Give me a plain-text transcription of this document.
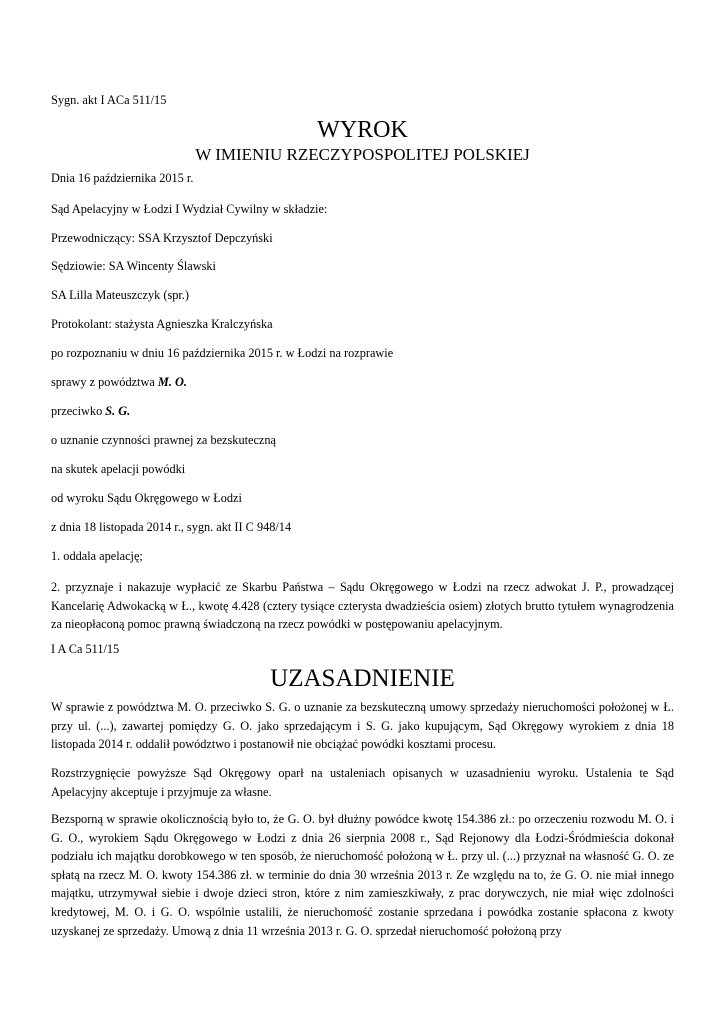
Sygn. akt I ACa 511/15
WYROK
W IMIENIU RZECZYPOSPOLITEJ POLSKIEJ
Dnia 16 października 2015 r.
Sąd Apelacyjny w Łodzi I Wydział Cywilny w składzie:
Przewodniczący: SSA Krzysztof Depczyński
Sędziowie: SA Wincenty Ślawski
SA Lilla Mateuszczyk (spr.)
Protokolant: stażysta Agnieszka Kralczyńska
po rozpoznaniu w dniu 16 października 2015 r. w Łodzi na rozprawie
sprawy z powództwa M. O.
przeciwko S. G.
o uznanie czynności prawnej za bezskuteczną
na skutek apelacji powódki
od wyroku Sądu Okręgowego w Łodzi
z dnia 18 listopada 2014 r., sygn. akt II C 948/14
1. oddala apelację;
2. przyznaje i nakazuje wypłacić ze Skarbu Państwa – Sądu Okręgowego w Łodzi na rzecz adwokat J. P., prowadzącej Kancelarię Adwokacką w Ł., kwotę 4.428 (cztery tysiące czterysta dwadzieścia osiem) złotych brutto tytułem wynagrodzenia za nieopłaconą pomoc prawną świadczoną na rzecz powódki w postępowaniu apelacyjnym.
I A Ca 511/15
UZASADNIENIE
W sprawie z powództwa M. O. przeciwko S. G. o uznanie za bezskuteczną umowy sprzedaży nieruchomości położonej w Ł. przy ul. (...), zawartej pomiędzy G. O. jako sprzedającym i S. G. jako kupującym, Sąd Okręgowy wyrokiem z dnia 18 listopada 2014 r. oddalił powództwo i postanowił nie obciążać powódki kosztami procesu.
Rozstrzygnięcie powyższe Sąd Okręgowy oparł na ustaleniach opisanych w uzasadnieniu wyroku. Ustalenia te Sąd Apelacyjny akceptuje i przyjmuje za własne.
Bezsporną w sprawie okolicznością było to, że G. O. był dłużny powódce kwotę 154.386 zł.: po orzeczeniu rozwodu M. O. i G. O., wyrokiem Sądu Okręgowego w Łodzi z dnia 26 sierpnia 2008 r., Sąd Rejonowy dla Łodzi-Śródmieścia dokonał podziału ich majątku dorobkowego w ten sposób, że nieruchomość położoną w Ł. przy ul. (...) przyznał na własność G. O. ze spłatą na rzecz M. O. kwoty 154.386 zł. w terminie do dnia 30 września 2013 r. Ze względu na to, że G. O. nie miał innego majątku, utrzymywał siebie i dwoje dzieci stron, które z nim zamieszkiwały, z prac dorywczych, nie miał więc zdolności kredytowej, M. O. i G. O. wspólnie ustalili, że nieruchomość zostanie sprzedana i powódka zostanie spłacona z kwoty uzyskanej ze sprzedaży. Umową z dnia 11 września 2013 r. G. O. sprzedał nieruchomość położoną przy
